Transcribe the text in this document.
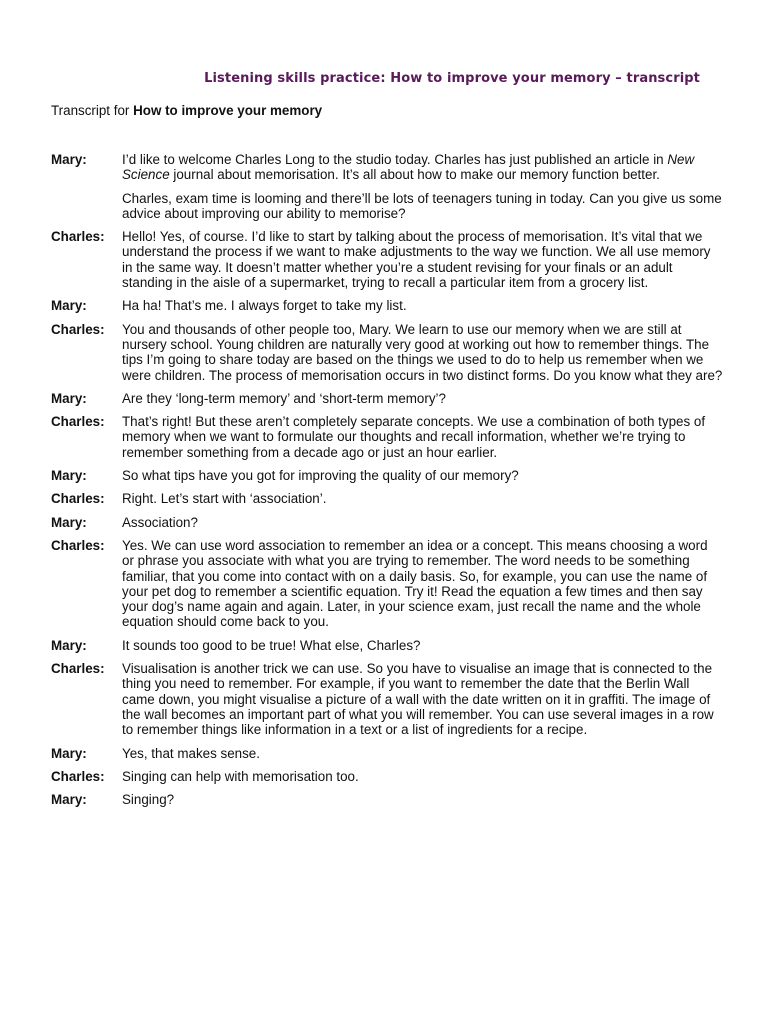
Listening skills practice: How to improve your memory – transcript
Transcript for How to improve your memory
Mary:	I’d like to welcome Charles Long to the studio today. Charles has just published an article in New Science journal about memorisation. It’s all about how to make our memory function better.

Charles, exam time is looming and there’ll be lots of teenagers tuning in today. Can you give us some advice about improving our ability to memorise?

Charles:	Hello! Yes, of course. I’d like to start by talking about the process of memorisation. It’s vital that we understand the process if we want to make adjustments to the way we function. We all use memory in the same way. It doesn’t matter whether you’re a student revising for your finals or an adult standing in the aisle of a supermarket, trying to recall a particular item from a grocery list.

Mary:	Ha ha! That’s me. I always forget to take my list.

Charles:	You and thousands of other people too, Mary. We learn to use our memory when we are still at nursery school. Young children are naturally very good at working out how to remember things. The tips I’m going to share today are based on the things we used to do to help us remember when we were children. The process of memorisation occurs in two distinct forms. Do you know what they are?

Mary:	Are they ‘long-term memory’ and ‘short-term memory’?

Charles:	That’s right! But these aren’t completely separate concepts. We use a combination of both types of memory when we want to formulate our thoughts and recall information, whether we’re trying to remember something from a decade ago or just an hour earlier.

Mary:	So what tips have you got for improving the quality of our memory?

Charles:	Right. Let’s start with ‘association’.

Mary:	Association?

Charles:	Yes. We can use word association to remember an idea or a concept. This means choosing a word or phrase you associate with what you are trying to remember. The word needs to be something familiar, that you come into contact with on a daily basis. So, for example, you can use the name of your pet dog to remember a scientific equation. Try it! Read the equation a few times and then say your dog’s name again and again. Later, in your science exam, just recall the name and the whole equation should come back to you.

Mary:	It sounds too good to be true! What else, Charles?

Charles:	Visualisation is another trick we can use. So you have to visualise an image that is connected to the thing you need to remember. For example, if you want to remember the date that the Berlin Wall came down, you might visualise a picture of a wall with the date written on it in graffiti. The image of the wall becomes an important part of what you will remember. You can use several images in a row to remember things like information in a text or a list of ingredients for a recipe.

Mary:	Yes, that makes sense.

Charles:	Singing can help with memorisation too.

Mary:	Singing?
